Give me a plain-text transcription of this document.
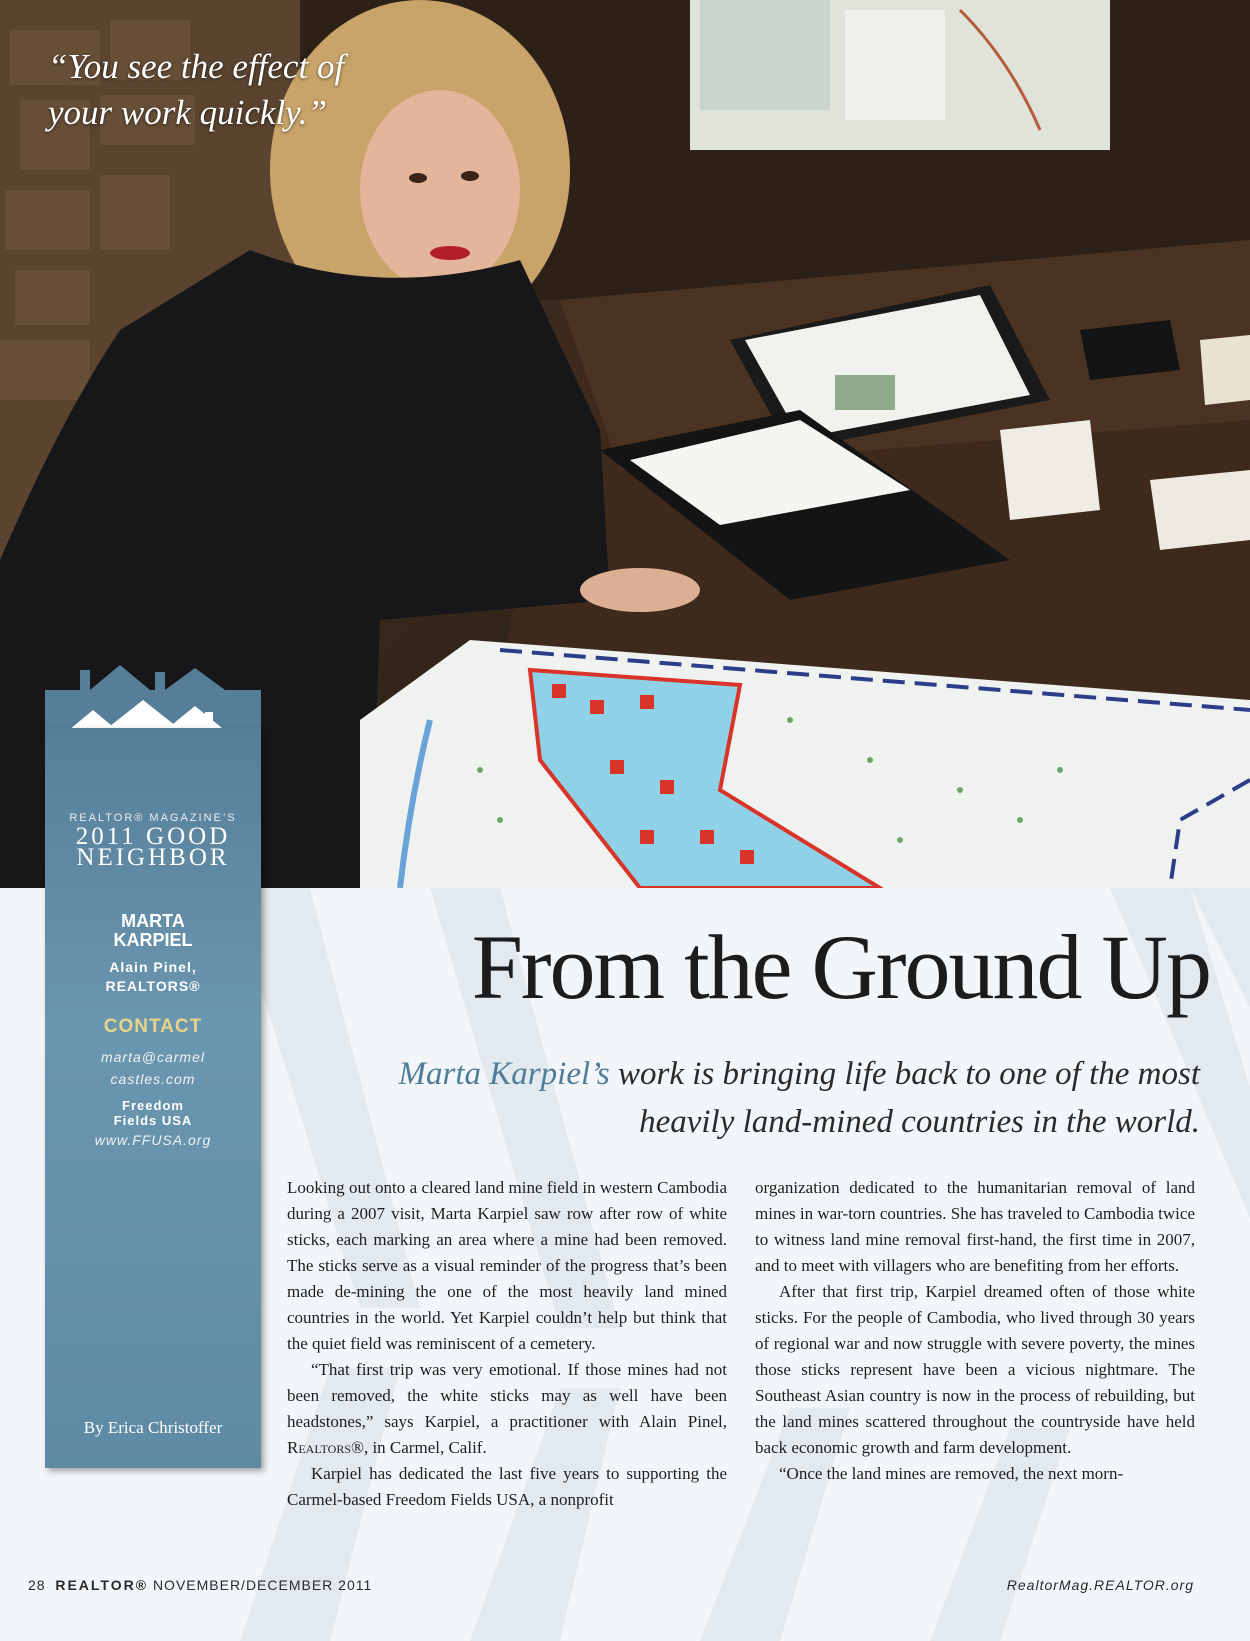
“You see the effect of your work quickly.”
REALTOR® MAGAZINE’S
2011 GOOD NEIGHBOR
MARTA
KARPIEL
Alain Pinel,
REALTORS®
CONTACT
marta@carmel
castles.com
Freedom
Fields USA
www.FFUSA.org
By Erica Christoffer
From the Ground Up
Marta Karpiel’s work is bringing life back to one of the most heavily land-mined countries in the world.

Looking out onto a cleared land mine field in western Cambodia during a 2007 visit, Marta Karpiel saw row after row of white sticks, each marking an area where a mine had been removed. The sticks serve as a visual reminder of the progress that’s been made de-mining the one of the most heavily land mined countries in the world. Yet Karpiel couldn’t help but think that the quiet field was reminiscent of a cemetery.

“That first trip was very emotional. If those mines had not been removed, the white sticks may as well have been headstones,” says Karpiel, a practitioner with Alain Pinel, Realtors®, in Carmel, Calif.

Karpiel has dedicated the last five years to supporting the Carmel-based Freedom Fields USA, a nonprofit

organization dedicated to the humanitarian removal of land mines in war-torn countries. She has traveled to Cambodia twice to witness land mine removal first-hand, the first time in 2007, and to meet with villagers who are benefiting from her efforts.

After that first trip, Karpiel dreamed often of those white sticks. For the people of Cambodia, who lived through 30 years of regional war and now struggle with severe poverty, the mines those sticks represent have been a vicious nightmare. The Southeast Asian country is now in the process of rebuilding, but the land mines scattered throughout the countryside have held back economic growth and farm development.

“Once the land mines are removed, the next morn-

28 REALTOR® NOVEMBER/DECEMBER 2011	RealtorMag.REALTOR.org
